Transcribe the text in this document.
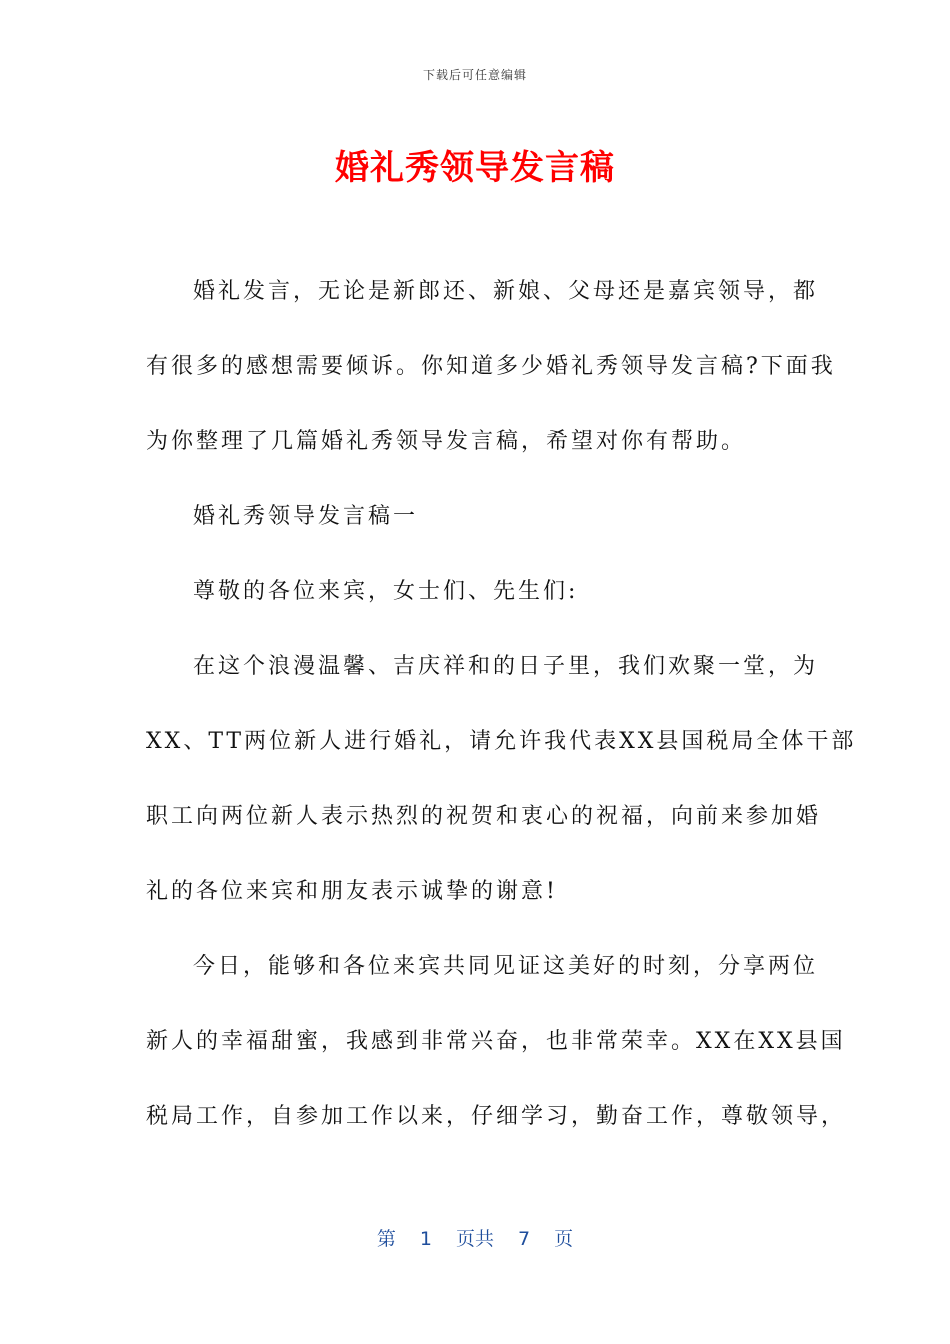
下载后可任意编辑
婚礼秀领导发言稿
婚礼发言，无论是新郎还、新娘、父母还是嘉宾领导，都
有很多的感想需要倾诉。你知道多少婚礼秀领导发言稿?下面我
为你整理了几篇婚礼秀领导发言稿，希望对你有帮助。
婚礼秀领导发言稿一
尊敬的各位来宾，女士们、先生们:
在这个浪漫温馨、吉庆祥和的日子里，我们欢聚一堂，为
XX、TT两位新人进行婚礼，请允许我代表XX县国税局全体干部
职工向两位新人表示热烈的祝贺和衷心的祝福，向前来参加婚
礼的各位来宾和朋友表示诚挚的谢意!
今日，能够和各位来宾共同见证这美好的时刻，分享两位
新人的幸福甜蜜，我感到非常兴奋，也非常荣幸。XX在XX县国
税局工作，自参加工作以来，仔细学习，勤奋工作，尊敬领导，
第 1 页共 7 页
